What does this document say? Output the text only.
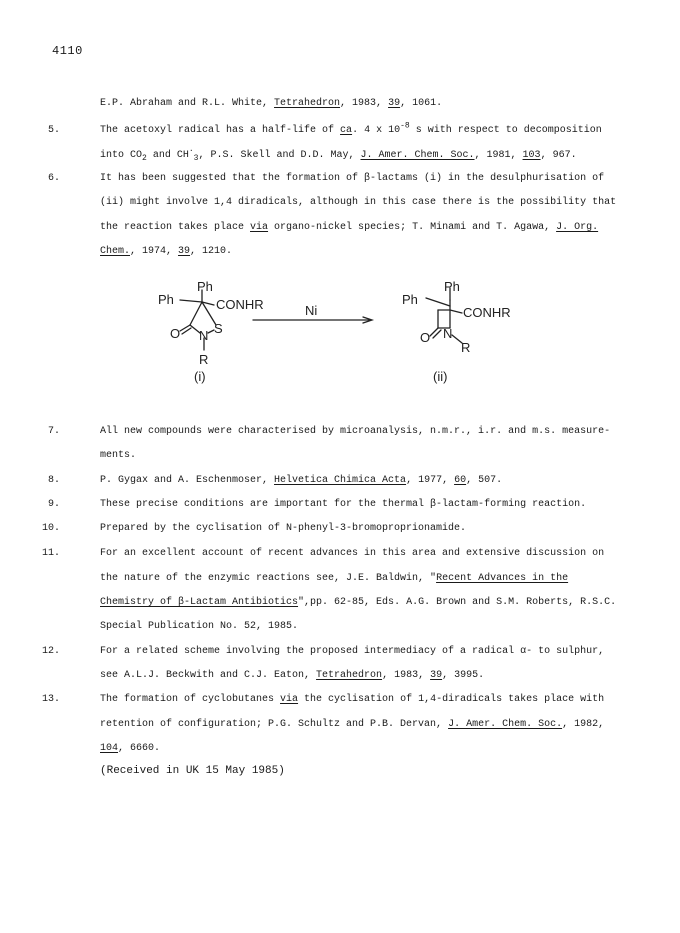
4110
E.P. Abraham and R.L. White, Tetrahedron, 1983, 39, 1061.
5.	The acetoxyl radical has a half-life of ca. 4 x $10^{-8}$ s with respect to decomposition
into $CO_2$ and $CH^\cdot_3$, P.S. Skell and D.D. May, J. Amer. Chem. Soc., 1981, 103, 967.
6.	It has been suggested that the formation of β-lactams (i) in the desulphurisation of
(ii) might involve 1,4 diradicals, although in this case there is the possibility that
the reaction takes place via organo-nickel species; T. Minami and T. Agawa, J. Org.
Chem., 1974, 39, 1210.
Ph
Ph	CONHR
O N S
R
(i)
Ni
Ph
Ph
CONHR
O N
R
(ii)
7.	All new compounds were characterised by microanalysis, n.m.r., i.r. and m.s. measure-
ments.
8.	P. Gygax and A. Eschenmoser, Helvetica Chimica Acta, 1977, 60, 507.
9.	These precise conditions are important for the thermal β-lactam-forming reaction.
10.	Prepared by the cyclisation of N-phenyl-3-bromoproprionamide.
11.	For an excellent account of recent advances in this area and extensive discussion on
the nature of the enzymic reactions see, J.E. Baldwin, "Recent Advances in the
Chemistry of β-Lactam Antibiotics",pp. 62-85, Eds. A.G. Brown and S.M. Roberts, R.S.C.
Special Publication No. 52, 1985.
12.	For a related scheme involving the proposed intermediacy of a radical α- to sulphur,
see A.L.J. Beckwith and C.J. Eaton, Tetrahedron, 1983, 39, 3995.
13.	The formation of cyclobutanes via the cyclisation of 1,4-diradicals takes place with
retention of configuration; P.G. Schultz and P.B. Dervan, J. Amer. Chem. Soc., 1982,
104, 6660.
(Received in UK 15 May 1985)
